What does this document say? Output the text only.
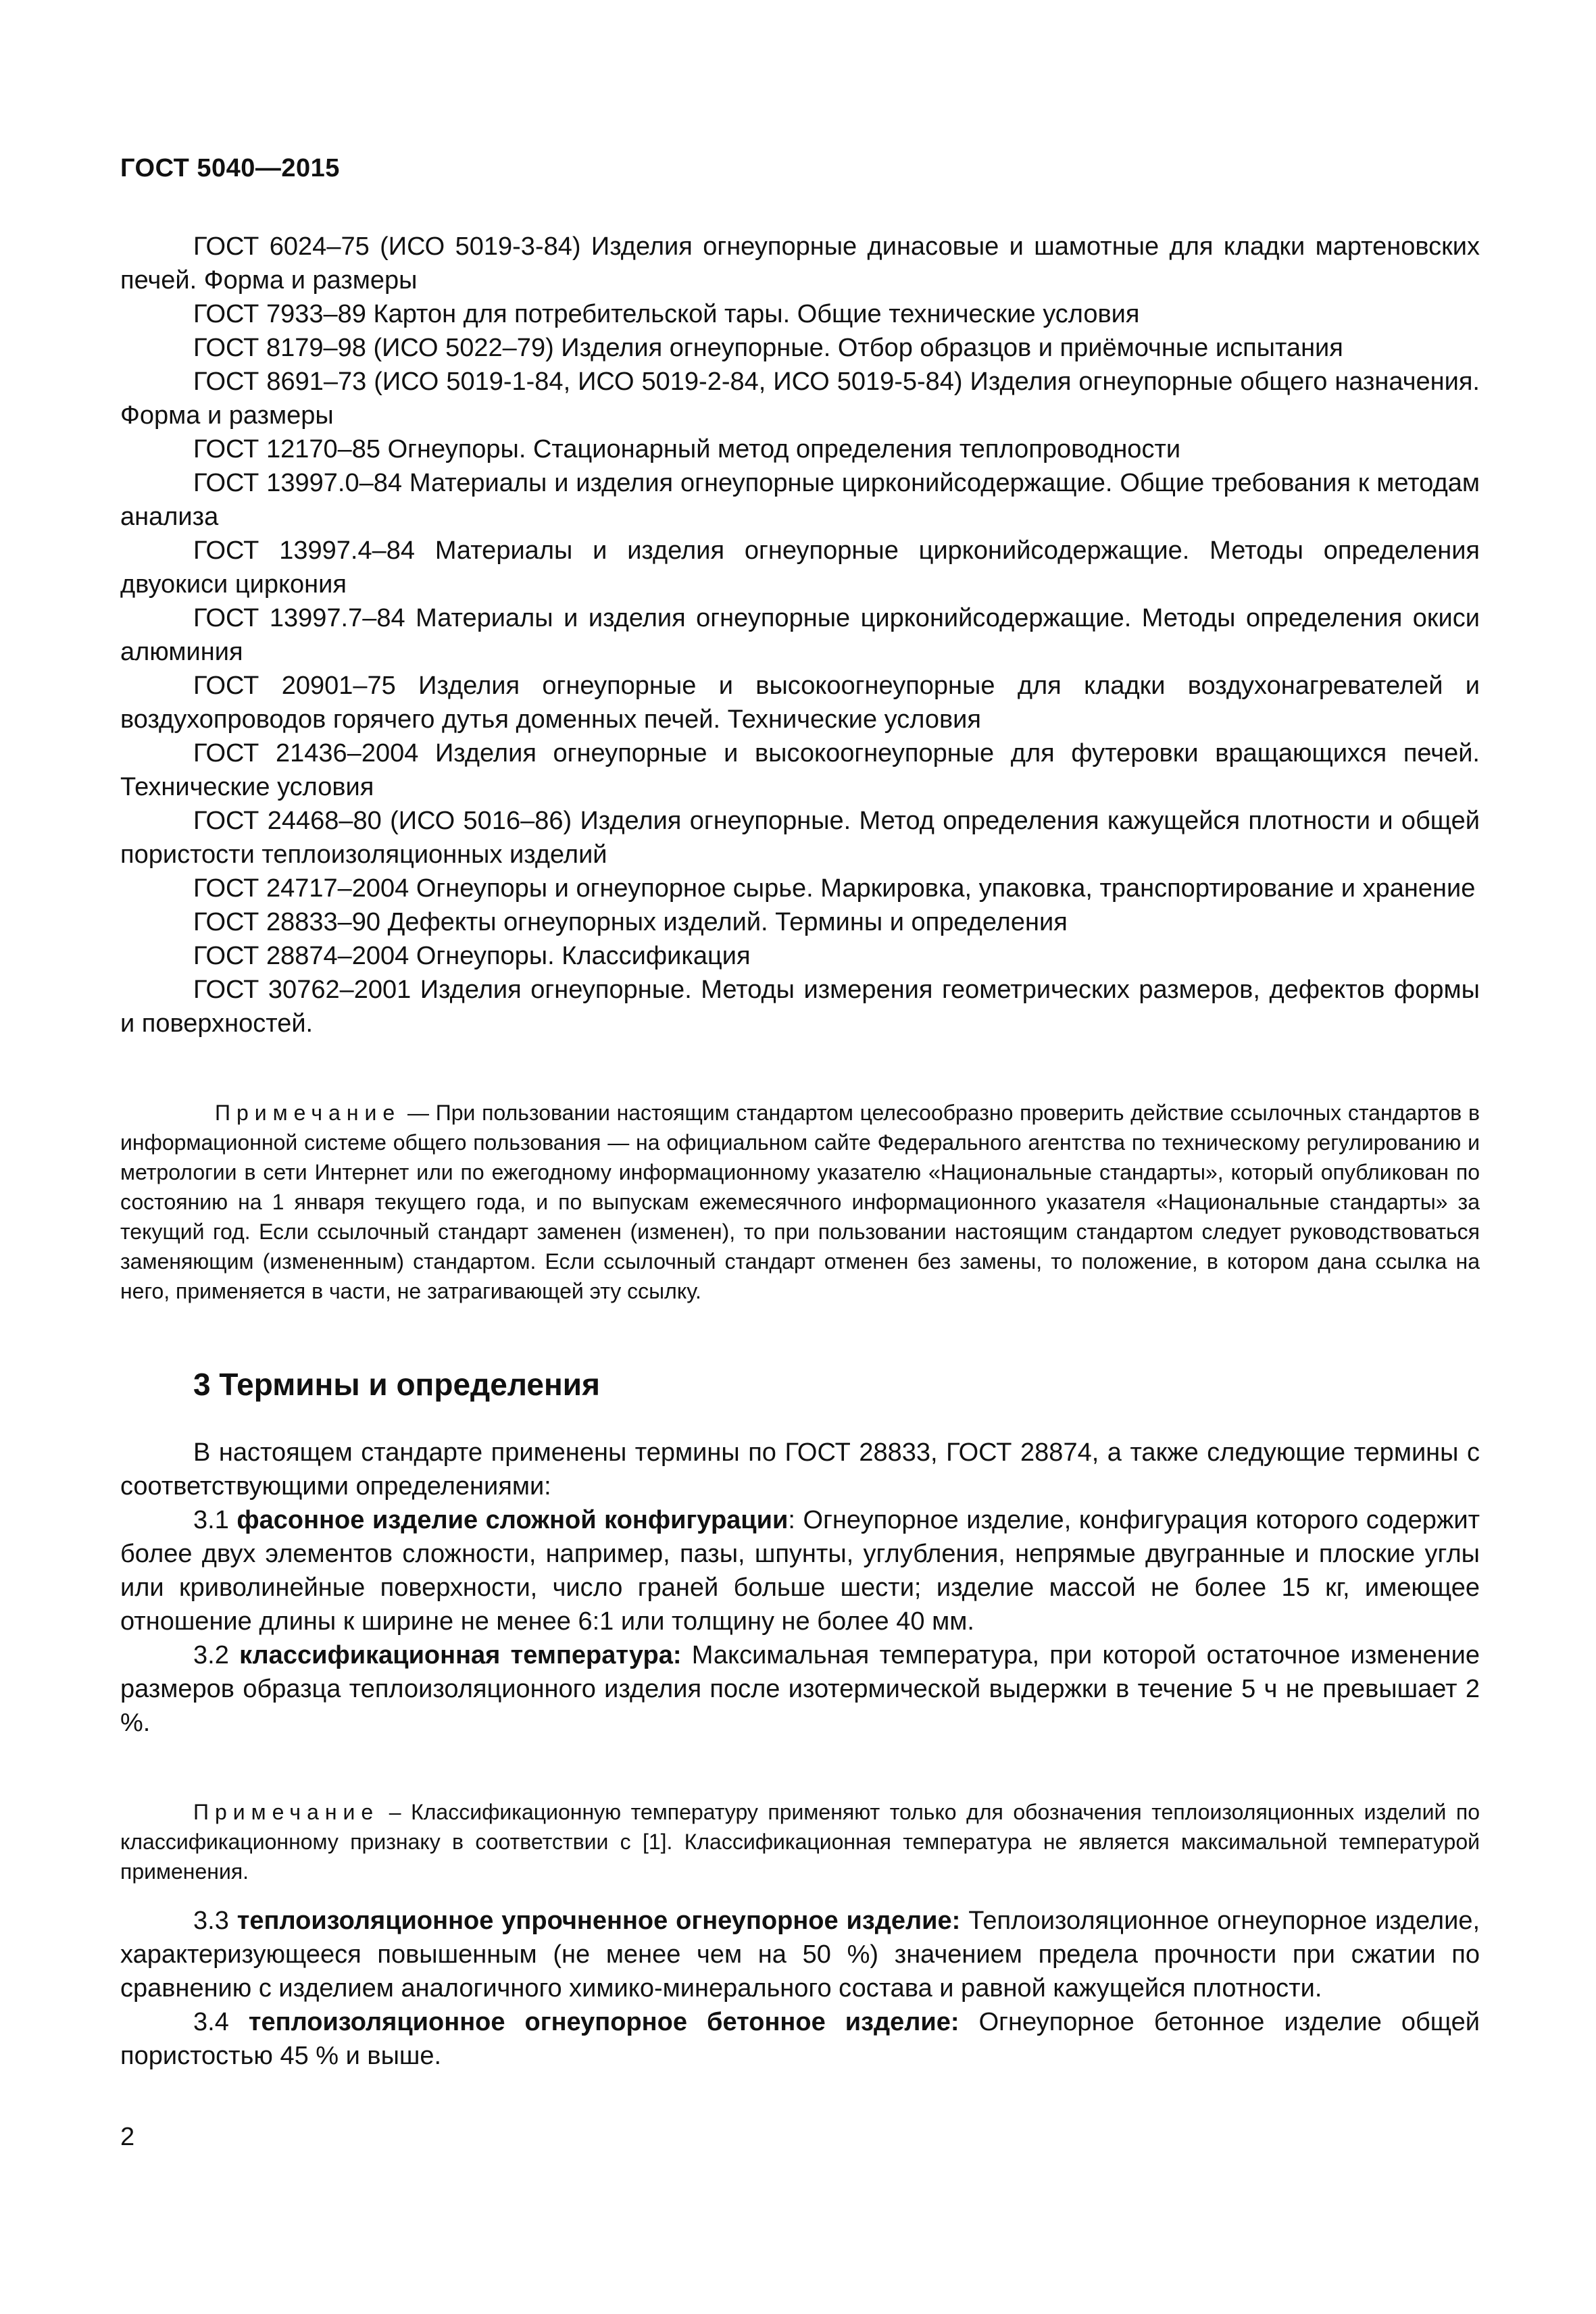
ГОСТ 5040—2015

ГОСТ 6024–75 (ИСО 5019-3-84) Изделия огнеупорные динасовые и шамотные для кладки мартеновских печей. Форма и размеры

ГОСТ 7933–89 Картон для потребительской тары. Общие технические условия

ГОСТ 8179–98 (ИСО 5022–79) Изделия огнеупорные. Отбор образцов и приёмочные испытания

ГОСТ 8691–73 (ИСО 5019-1-84, ИСО 5019-2-84, ИСО 5019-5-84) Изделия огнеупорные общего назначения. Форма и размеры

ГОСТ 12170–85 Огнеупоры. Стационарный метод определения теплопроводности

ГОСТ 13997.0–84 Материалы и изделия огнеупорные цирконийсодержащие. Общие требования к методам анализа

ГОСТ 13997.4–84 Материалы и изделия огнеупорные цирконийсодержащие. Методы определения двуокиси циркония

ГОСТ 13997.7–84 Материалы и изделия огнеупорные цирконийсодержащие. Методы определения окиси алюминия

ГОСТ 20901–75 Изделия огнеупорные и высокоогнеупорные для кладки воздухонагревателей и воздухопроводов горячего дутья доменных печей. Технические условия

ГОСТ 21436–2004 Изделия огнеупорные и высокоогнеупорные для футеровки вращающихся печей. Технические условия

ГОСТ 24468–80 (ИСО 5016–86) Изделия огнеупорные. Метод определения кажущейся плотности и общей пористости теплоизоляционных изделий

ГОСТ 24717–2004 Огнеупоры и огнеупорное сырье. Маркировка, упаковка, транспортирование и хранение

ГОСТ 28833–90 Дефекты огнеупорных изделий. Термины и определения

ГОСТ 28874–2004 Огнеупоры. Классификация

ГОСТ 30762–2001 Изделия огнеупорные. Методы измерения геометрических размеров, дефектов формы и поверхностей.

Примечание — При пользовании настоящим стандартом целесообразно проверить действие ссылочных стандартов в информационной системе общего пользования — на официальном сайте Федерального агентства по техническому регулированию и метрологии в сети Интернет или по ежегодному информационному указателю «Национальные стандарты», который опубликован по состоянию на 1 января текущего года, и по выпускам ежемесячного информационного указателя «Национальные стандарты» за текущий год. Если ссылочный стандарт заменен (изменен), то при пользовании настоящим стандартом следует руководствоваться заменяющим (измененным) стандартом. Если ссылочный стандарт отменен без замены, то положение, в котором дана ссылка на него, применяется в части, не затрагивающей эту ссылку.

3 Термины и определения

В настоящем стандарте применены термины по ГОСТ 28833, ГОСТ 28874, а также следующие термины с соответствующими определениями:

3.1 фасонное изделие сложной конфигурации: Огнеупорное изделие, конфигурация которого содержит более двух элементов сложности, например, пазы, шпунты, углубления, непрямые двугранные и плоские углы или криволинейные поверхности, число граней больше шести; изделие массой не более 15 кг, имеющее отношение длины к ширине не менее 6:1 или толщину не более 40 мм.

3.2 классификационная температура: Максимальная температура, при которой остаточное изменение размеров образца теплоизоляционного изделия после изотермической выдержки в течение 5 ч не превышает 2 %.

Примечание – Классификационную температуру применяют только для обозначения теплоизоляционных изделий по классификационному признаку в соответствии с [1]. Классификационная температура не является максимальной температурой применения.

3.3 теплоизоляционное упрочненное огнеупорное изделие: Теплоизоляционное огнеупорное изделие, характеризующееся повышенным (не менее чем на 50 %) значением предела прочности при сжатии по сравнению с изделием аналогичного химико-минерального состава и равной кажущейся плотности.

3.4 теплоизоляционное огнеупорное бетонное изделие: Огнеупорное бетонное изделие общей пористостью 45 % и выше.

2
